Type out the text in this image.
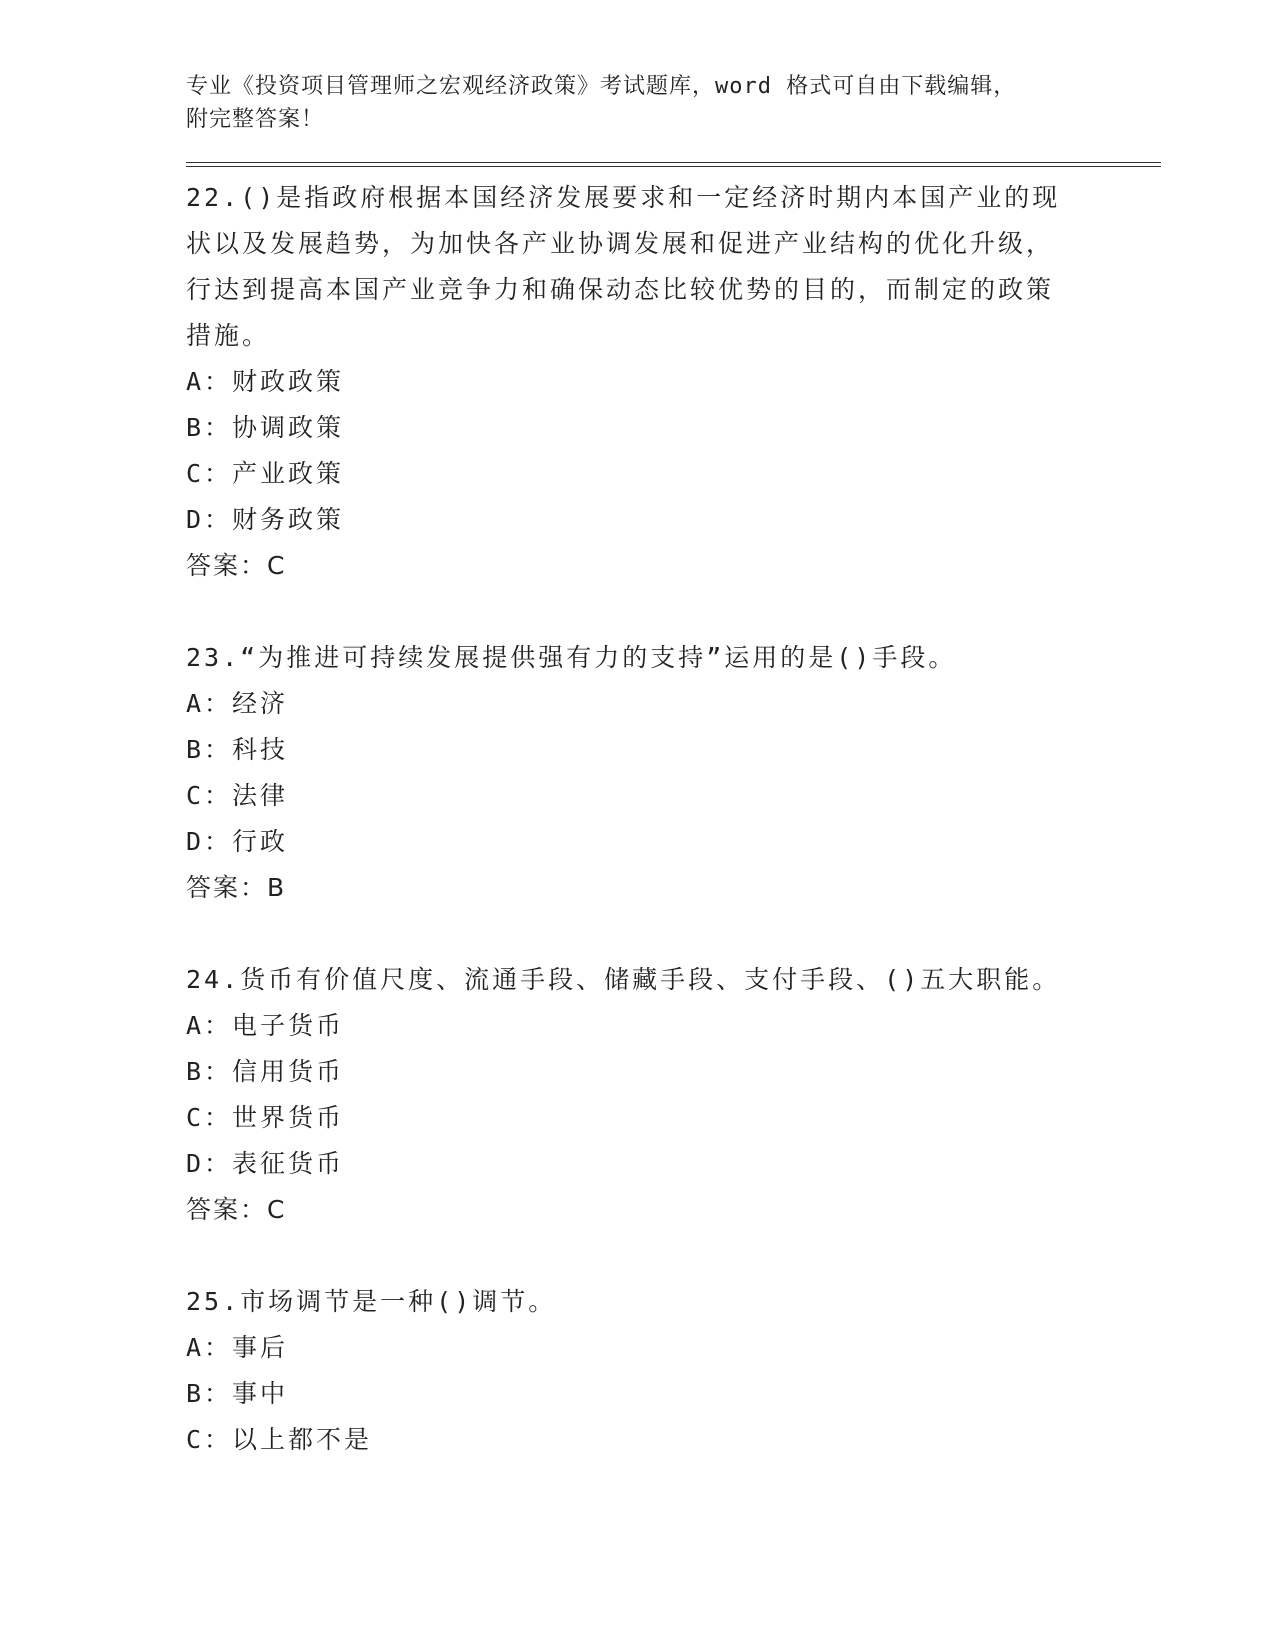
专业《投资项目管理师之宏观经济政策》考试题库，word 格式可自由下载编辑，
附完整答案！
22.()是指政府根据本国经济发展要求和一定经济时期内本国产业的现状以及发展趋势，为加快各产业协调发展和促进产业结构的优化升级，行达到提高本国产业竞争力和确保动态比较优势的目的，而制定的政策措施。
A：财政政策
B：协调政策
C：产业政策
D：财务政策
答案：C
23.“为推进可持续发展提供强有力的支持”运用的是()手段。
A：经济
B：科技
C：法律
D：行政
答案：B
24.货币有价值尺度、流通手段、储藏手段、支付手段、()五大职能。
A：电子货币
B：信用货币
C：世界货币
D：表征货币
答案：C
25.市场调节是一种()调节。
A：事后
B：事中
C：以上都不是
